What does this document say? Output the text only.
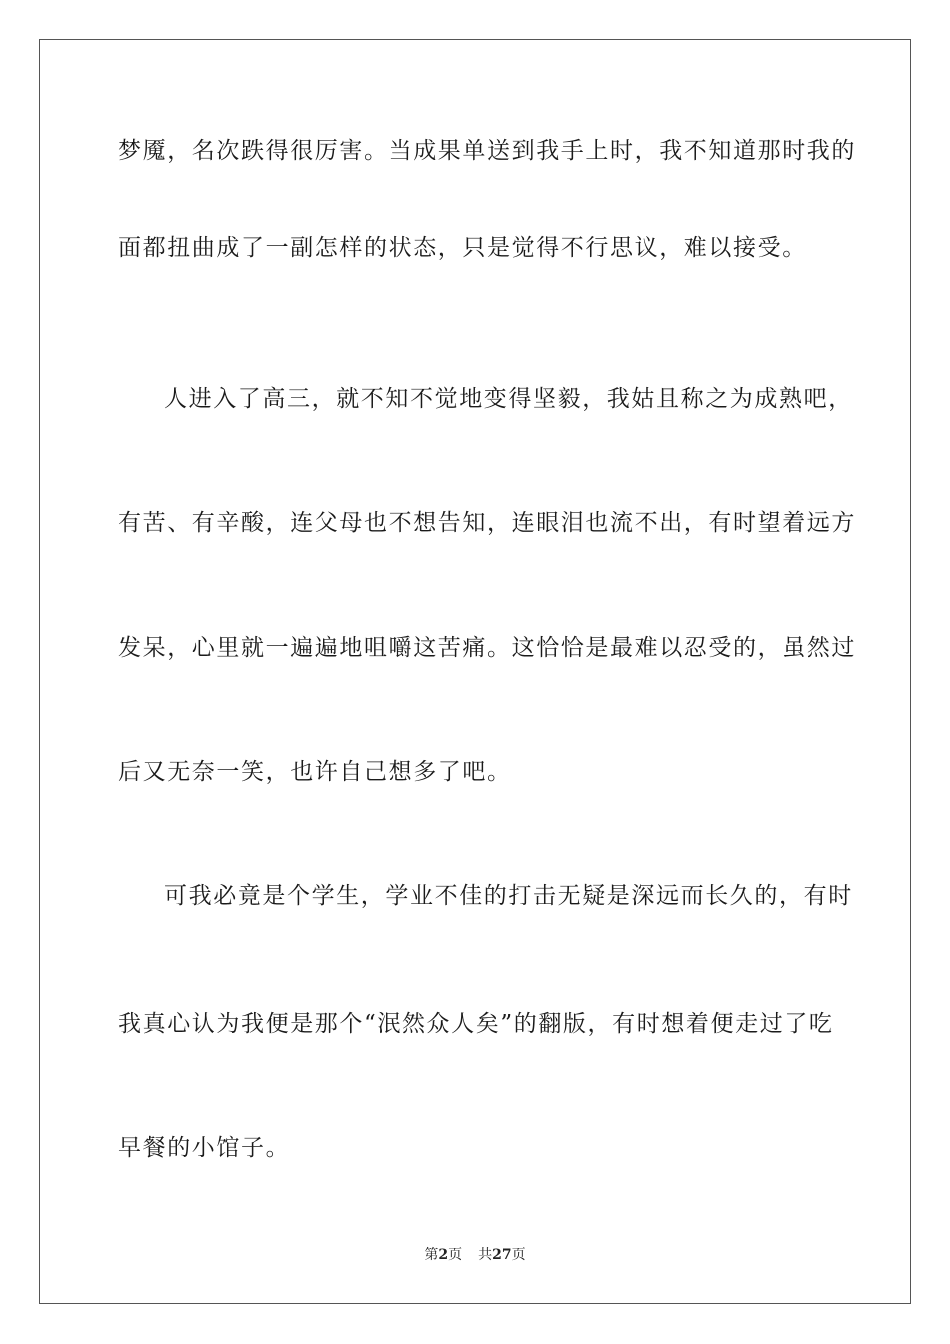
梦魇，名次跌得很厉害。当成果单送到我手上时，我不知道那时我的
面都扭曲成了一副怎样的状态，只是觉得不行思议，难以接受。
人进入了高三，就不知不觉地变得坚毅，我姑且称之为成熟吧，
有苦、有辛酸，连父母也不想告知，连眼泪也流不出，有时望着远方
发呆，心里就一遍遍地咀嚼这苦痛。这恰恰是最难以忍受的，虽然过
后又无奈一笑，也许自己想多了吧。
可我必竟是个学生，学业不佳的打击无疑是深远而长久的，有时
我真心认为我便是那个“泯然众人矣”的翻版，有时想着便走过了吃
早餐的小馆子。
第2页 共27页
